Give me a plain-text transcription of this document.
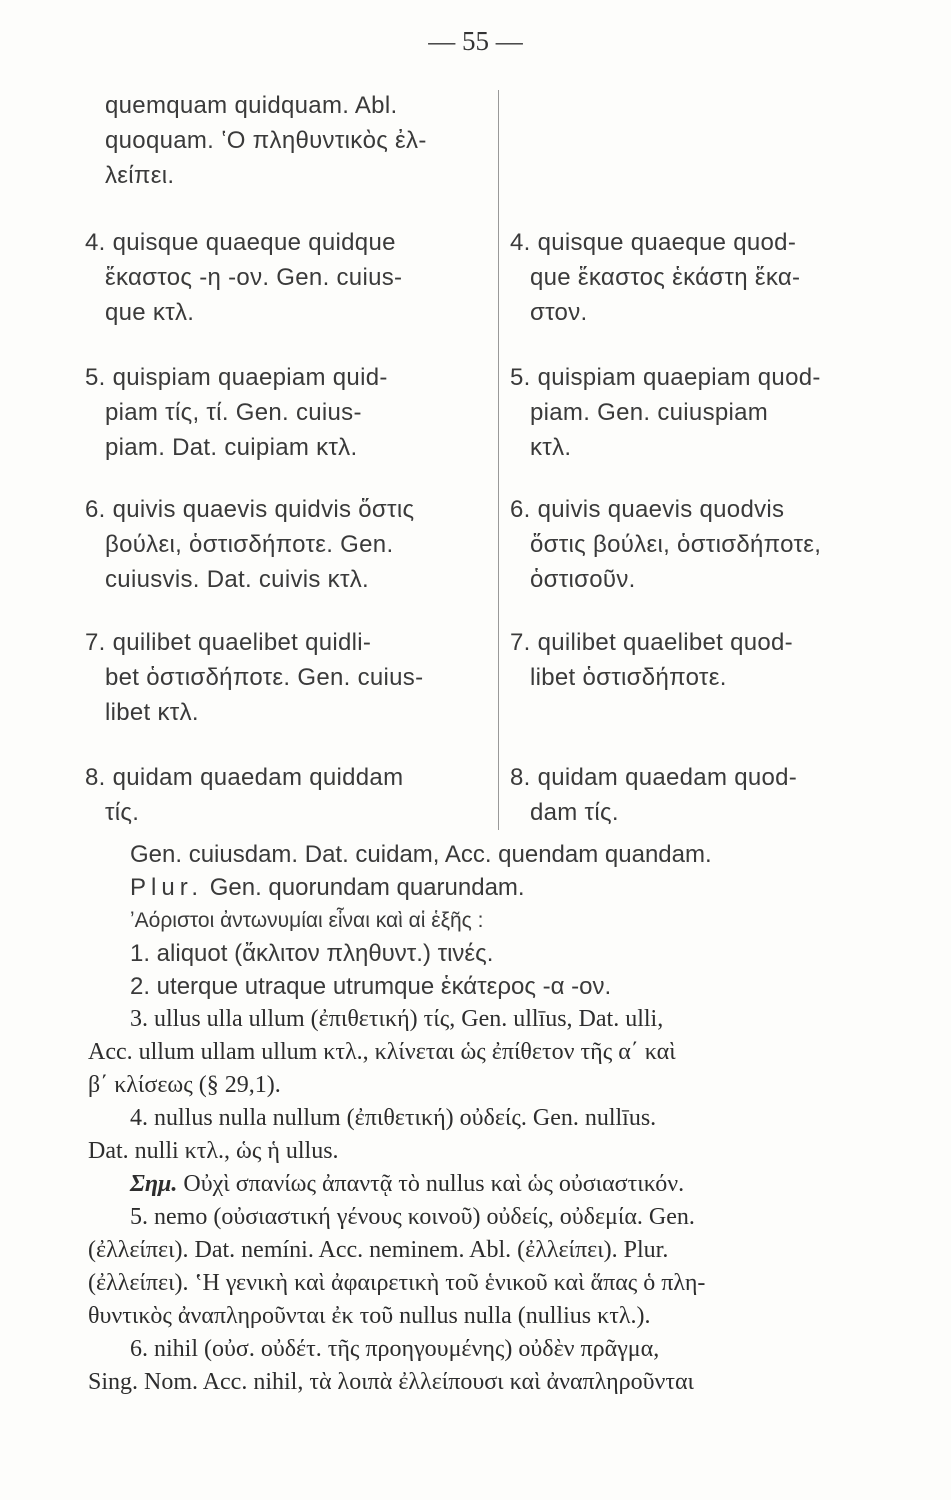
— 55 —
quemquam quidquam. Abl.
quoquam. ʽΟ πληθυντικὸς ἐλ-
λείπει.
4. quisque quaeque quidque
ἕκαστος -η -ον. Gen. cuius-
que κτλ.
5. quispiam quaepiam quid-
piam τίς, τί. Gen. cuius-
piam. Dat. cuipiam κτλ.
6. quivis quaevis quidvis ὅστις
βούλει, ὁστισδήποτε. Gen.
cuiusvis. Dat. cuivis κτλ.
7. quilibet quaelibet quidli-
bet ὁστισδήποτε. Gen. cuius-
libet κτλ.
8. quidam quaedam quiddam
τίς.
4. quisque quaeque quod-
que ἕκαστος ἑκάστη ἕκα-
στον.
5. quispiam quaepiam quod-
piam. Gen. cuiuspiam
κτλ.
6. quivis quaevis quodvis
ὅστις βούλει, ὁστισδήποτε,
ὁστισοῦν.
7. quilibet quaelibet quod-
libet ὁστισδήποτε.
8. quidam quaedam quod-
dam τίς.
Gen. cuiusdam. Dat. cuidam, Acc. quendam quandam.
Plur. Gen. quorundam quarundam.
ʼΑόριστοι ἀντωνυμίαι εἶναι καὶ αἱ ἑξῆς :
1. aliquot (ἄκλιτον πληθυντ.) τινές.
2. uterque utraque utrumque ἑκάτερος -α -ον.
3. ullus ulla ullum (ἐπιθετική) τίς, Gen. ullīus, Dat. ulli,
Acc. ullum ullam ullum κτλ., κλίνεται ὡς ἐπίθετον τῆς α΄ καὶ
β΄ κλίσεως (§ 29,1).
4. nullus nulla nullum (ἐπιθετική) οὐδείς. Gen. nullīus.
Dat. nulli κτλ., ὡς ἡ ullus.
Σημ. Οὐχὶ σπανίως ἀπαντᾷ τὸ nullus καὶ ὡς οὐσιαστικόν.
5. nemo (οὐσιαστική γένους κοινοῦ) οὐδείς, οὐδεμία. Gen.
(ἐλλείπει). Dat. nemíni. Acc. neminem. Abl. (ἐλλείπει). Plur.
(ἐλλείπει). ʽΗ γενικὴ καὶ ἀφαιρετικὴ τοῦ ἑνικοῦ καὶ ἅπας ὁ πλη-
θυντικὸς ἀναπληροῦνται ἐκ τοῦ nullus nulla (nullius κτλ.).
6. nihil (οὐσ. οὐδέτ. τῆς προηγουμένης) οὐδὲν πρᾶγμα,
Sing. Nom. Acc. nihil, τὰ λοιπὰ ἐλλείπουσι καὶ ἀναπληροῦνται
